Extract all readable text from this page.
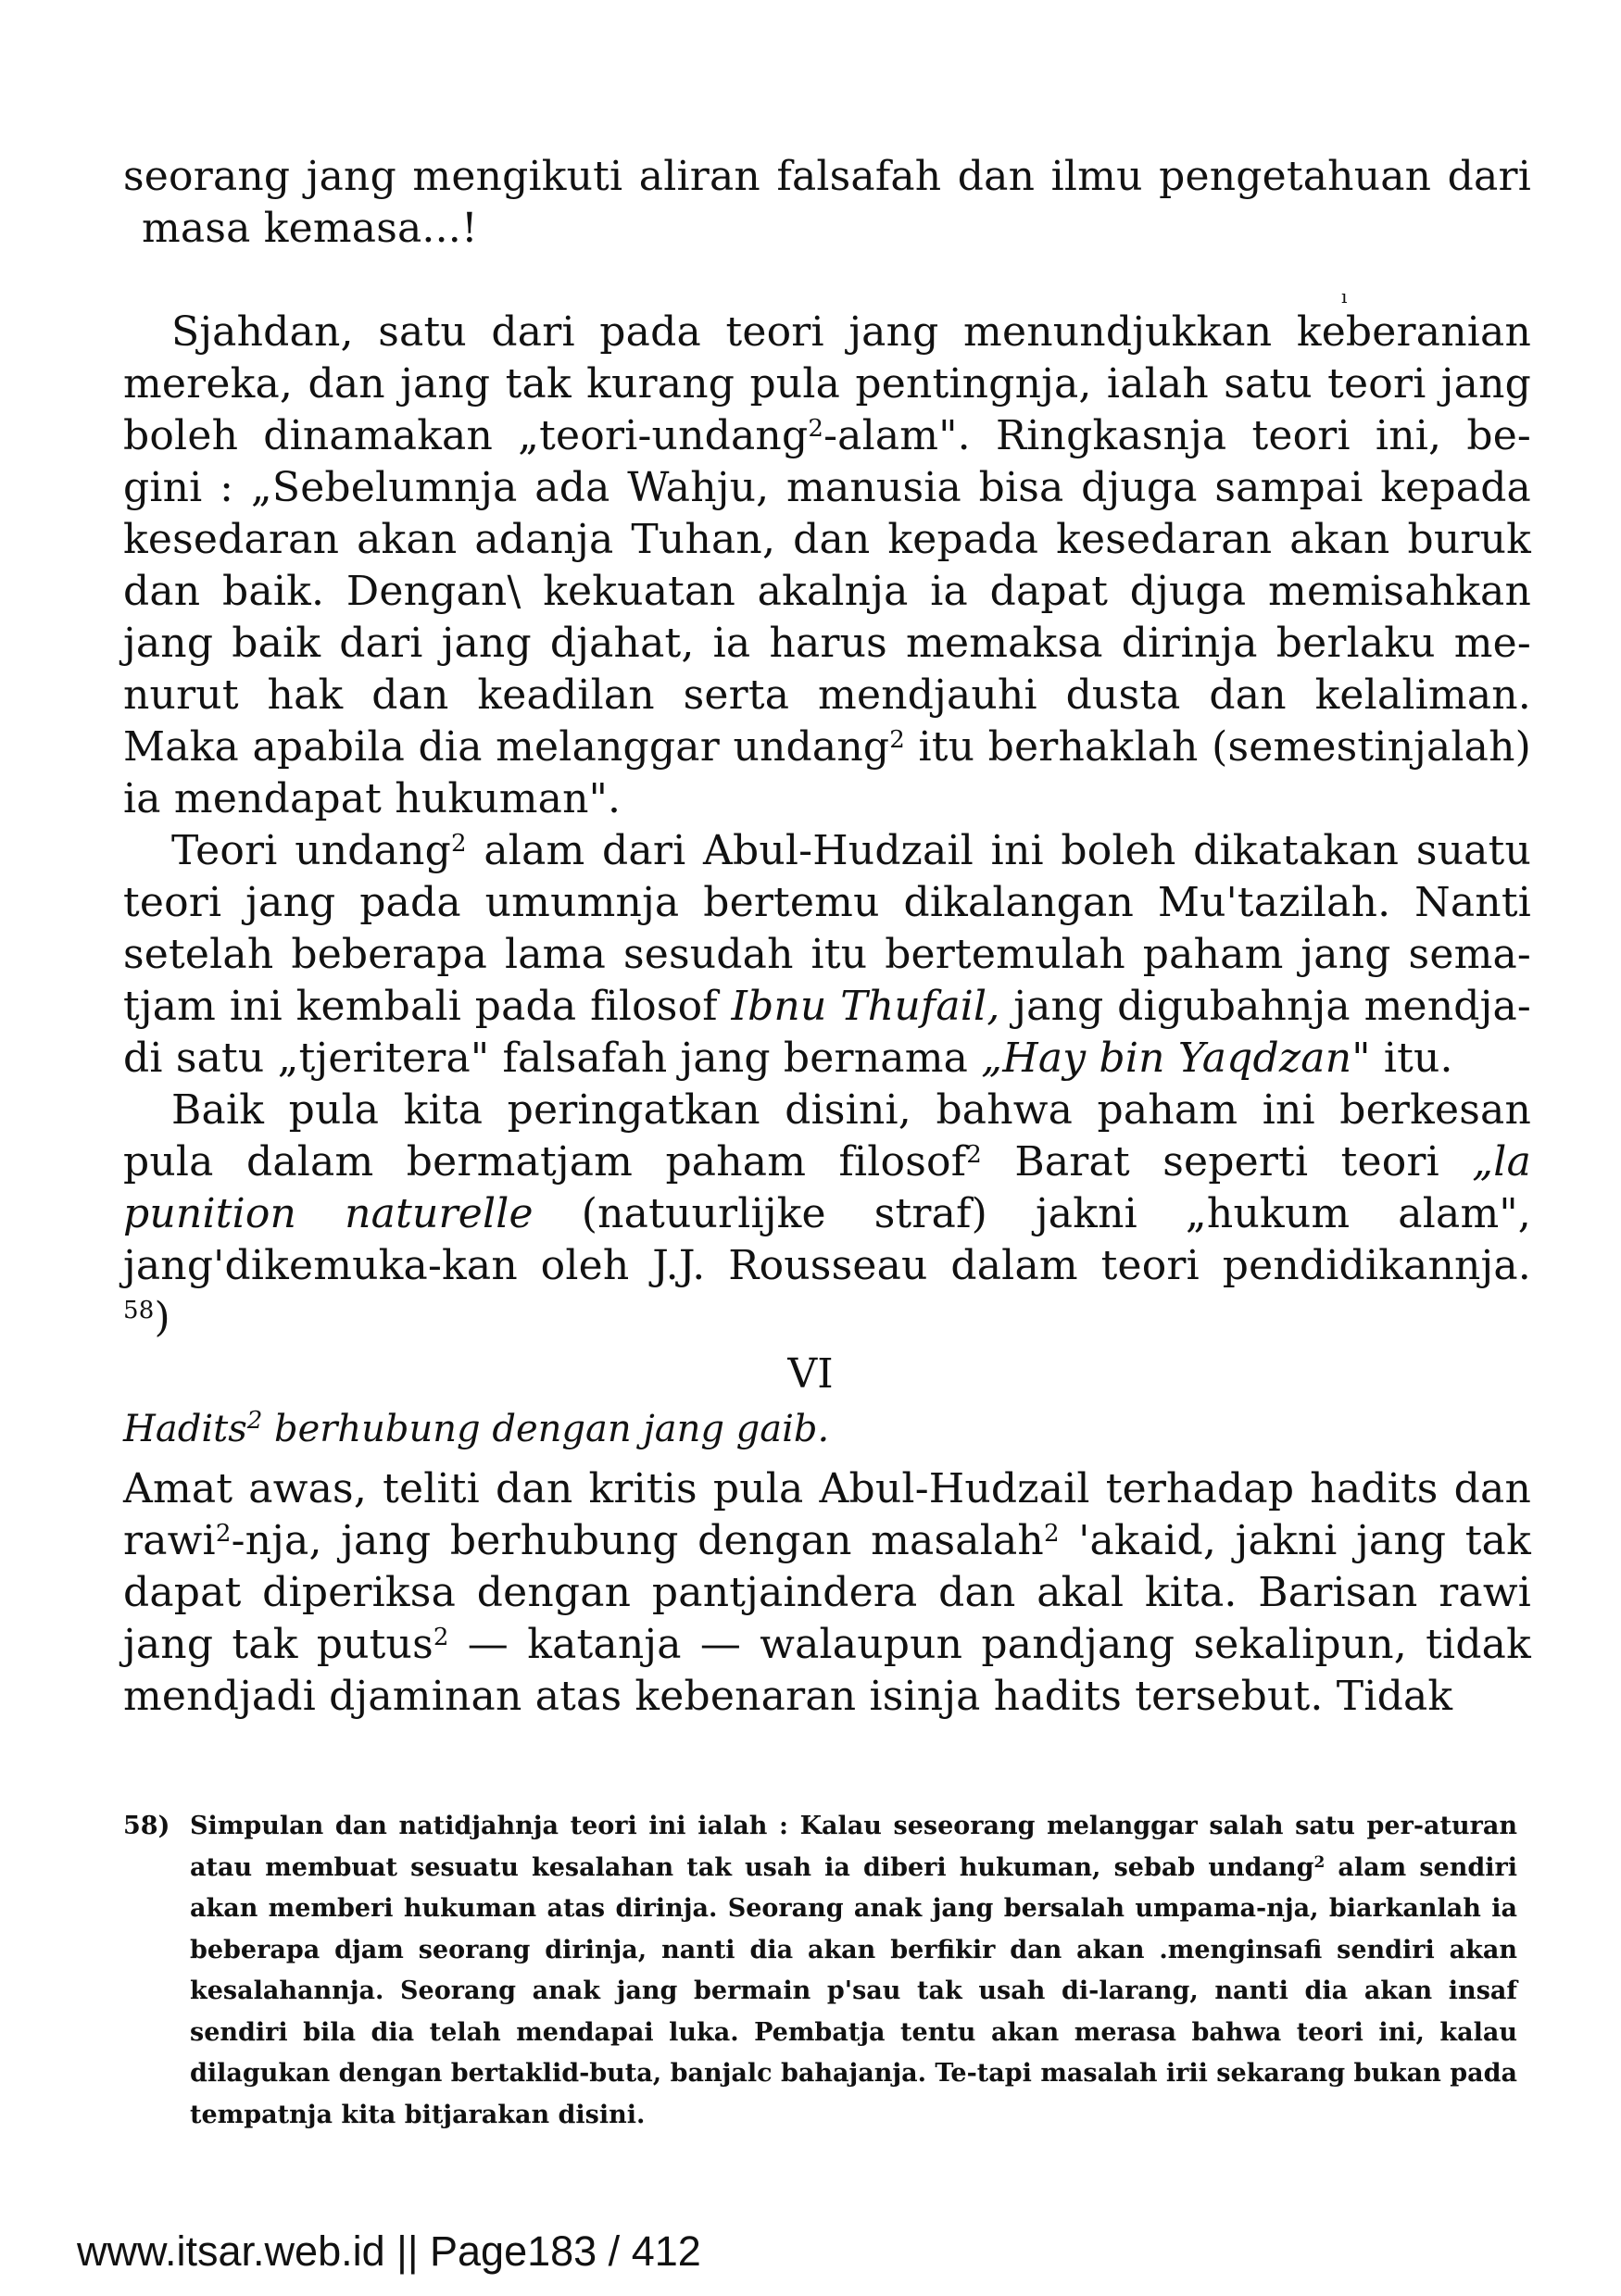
seorang jang mengikuti aliran falsafah dan ilmu pengetahuan dari
masa kemasa...!
ı
Sjahdan, satu dari pada teori jang menundjukkan keberanian mereka, dan jang tak kurang pula pentingnja, ialah satu teori jang boleh dinamakan „teori-undang$^2$-alam". Ringkasnja teori ini, be-gini : „Sebelumnja ada Wahju, manusia bisa djuga sampai kepada kesedaran akan adanja Tuhan, dan kepada kesedaran akan buruk dan baik. Dengan\ kekuatan akalnja ia dapat djuga memisahkan jang baik dari jang djahat, ia harus memaksa dirinja berlaku me-nurut hak dan keadilan serta mendjauhi dusta dan kelaliman. Maka apabila dia melanggar undang$^2$ itu berhaklah (semestinjalah) ia mendapat hukuman".
Teori undang$^2$ alam dari Abul-Hudzail ini boleh dikatakan suatu teori jang pada umumnja bertemu dikalangan Mu'tazilah. Nanti setelah beberapa lama sesudah itu bertemulah paham jang sema-tjam ini kembali pada filosof Ibnu Thufail, jang digubahnja mendja-di satu „tjeritera" falsafah jang bernama „Hay bin Yaqdzan" itu.
Baik pula kita peringatkan disini, bahwa paham ini berkesan pula dalam bermatjam paham filosof$^2$ Barat seperti teori „la punition naturelle (natuurlijke straf) jakni „hukum alam", jang'dikemuka-kan oleh J.J. Rousseau dalam teori pendidikannja. $^{58}$)
VI
Hadits$^2$ berhubung dengan jang gaib.
Amat awas, teliti dan kritis pula Abul-Hudzail terhadap hadits dan rawi$^2$-nja, jang berhubung dengan masalah$^2$ 'akaid, jakni jang tak dapat diperiksa dengan pantjaindera dan akal kita. Barisan rawi jang tak putus$^2$ — katanja — walaupun pandjang sekalipun, tidak mendjadi djaminan atas kebenaran isinja hadits tersebut. Tidak
58) Simpulan dan natidjahnja teori ini ialah : Kalau seseorang melanggar salah satu per-aturan atau membuat sesuatu kesalahan tak usah ia diberi hukuman, sebab undang$^2$ alam sendiri akan memberi hukuman atas dirinja. Seorang anak jang bersalah umpama-nja, biarkanlah ia beberapa djam seorang dirinja, nanti dia akan berfikir dan akan .menginsafi sendiri akan kesalahannja. Seorang anak jang bermain p'sau tak usah di-larang, nanti dia akan insaf sendiri bila dia telah mendapai luka. Pembatja tentu akan merasa bahwa teori ini, kalau dilagukan dengan bertaklid-buta, banjalc bahajanja. Te-tapi masalah irii sekarang bukan pada tempatnja kita bitjarakan disini.
www.itsar.web.id || Page183 / 412
